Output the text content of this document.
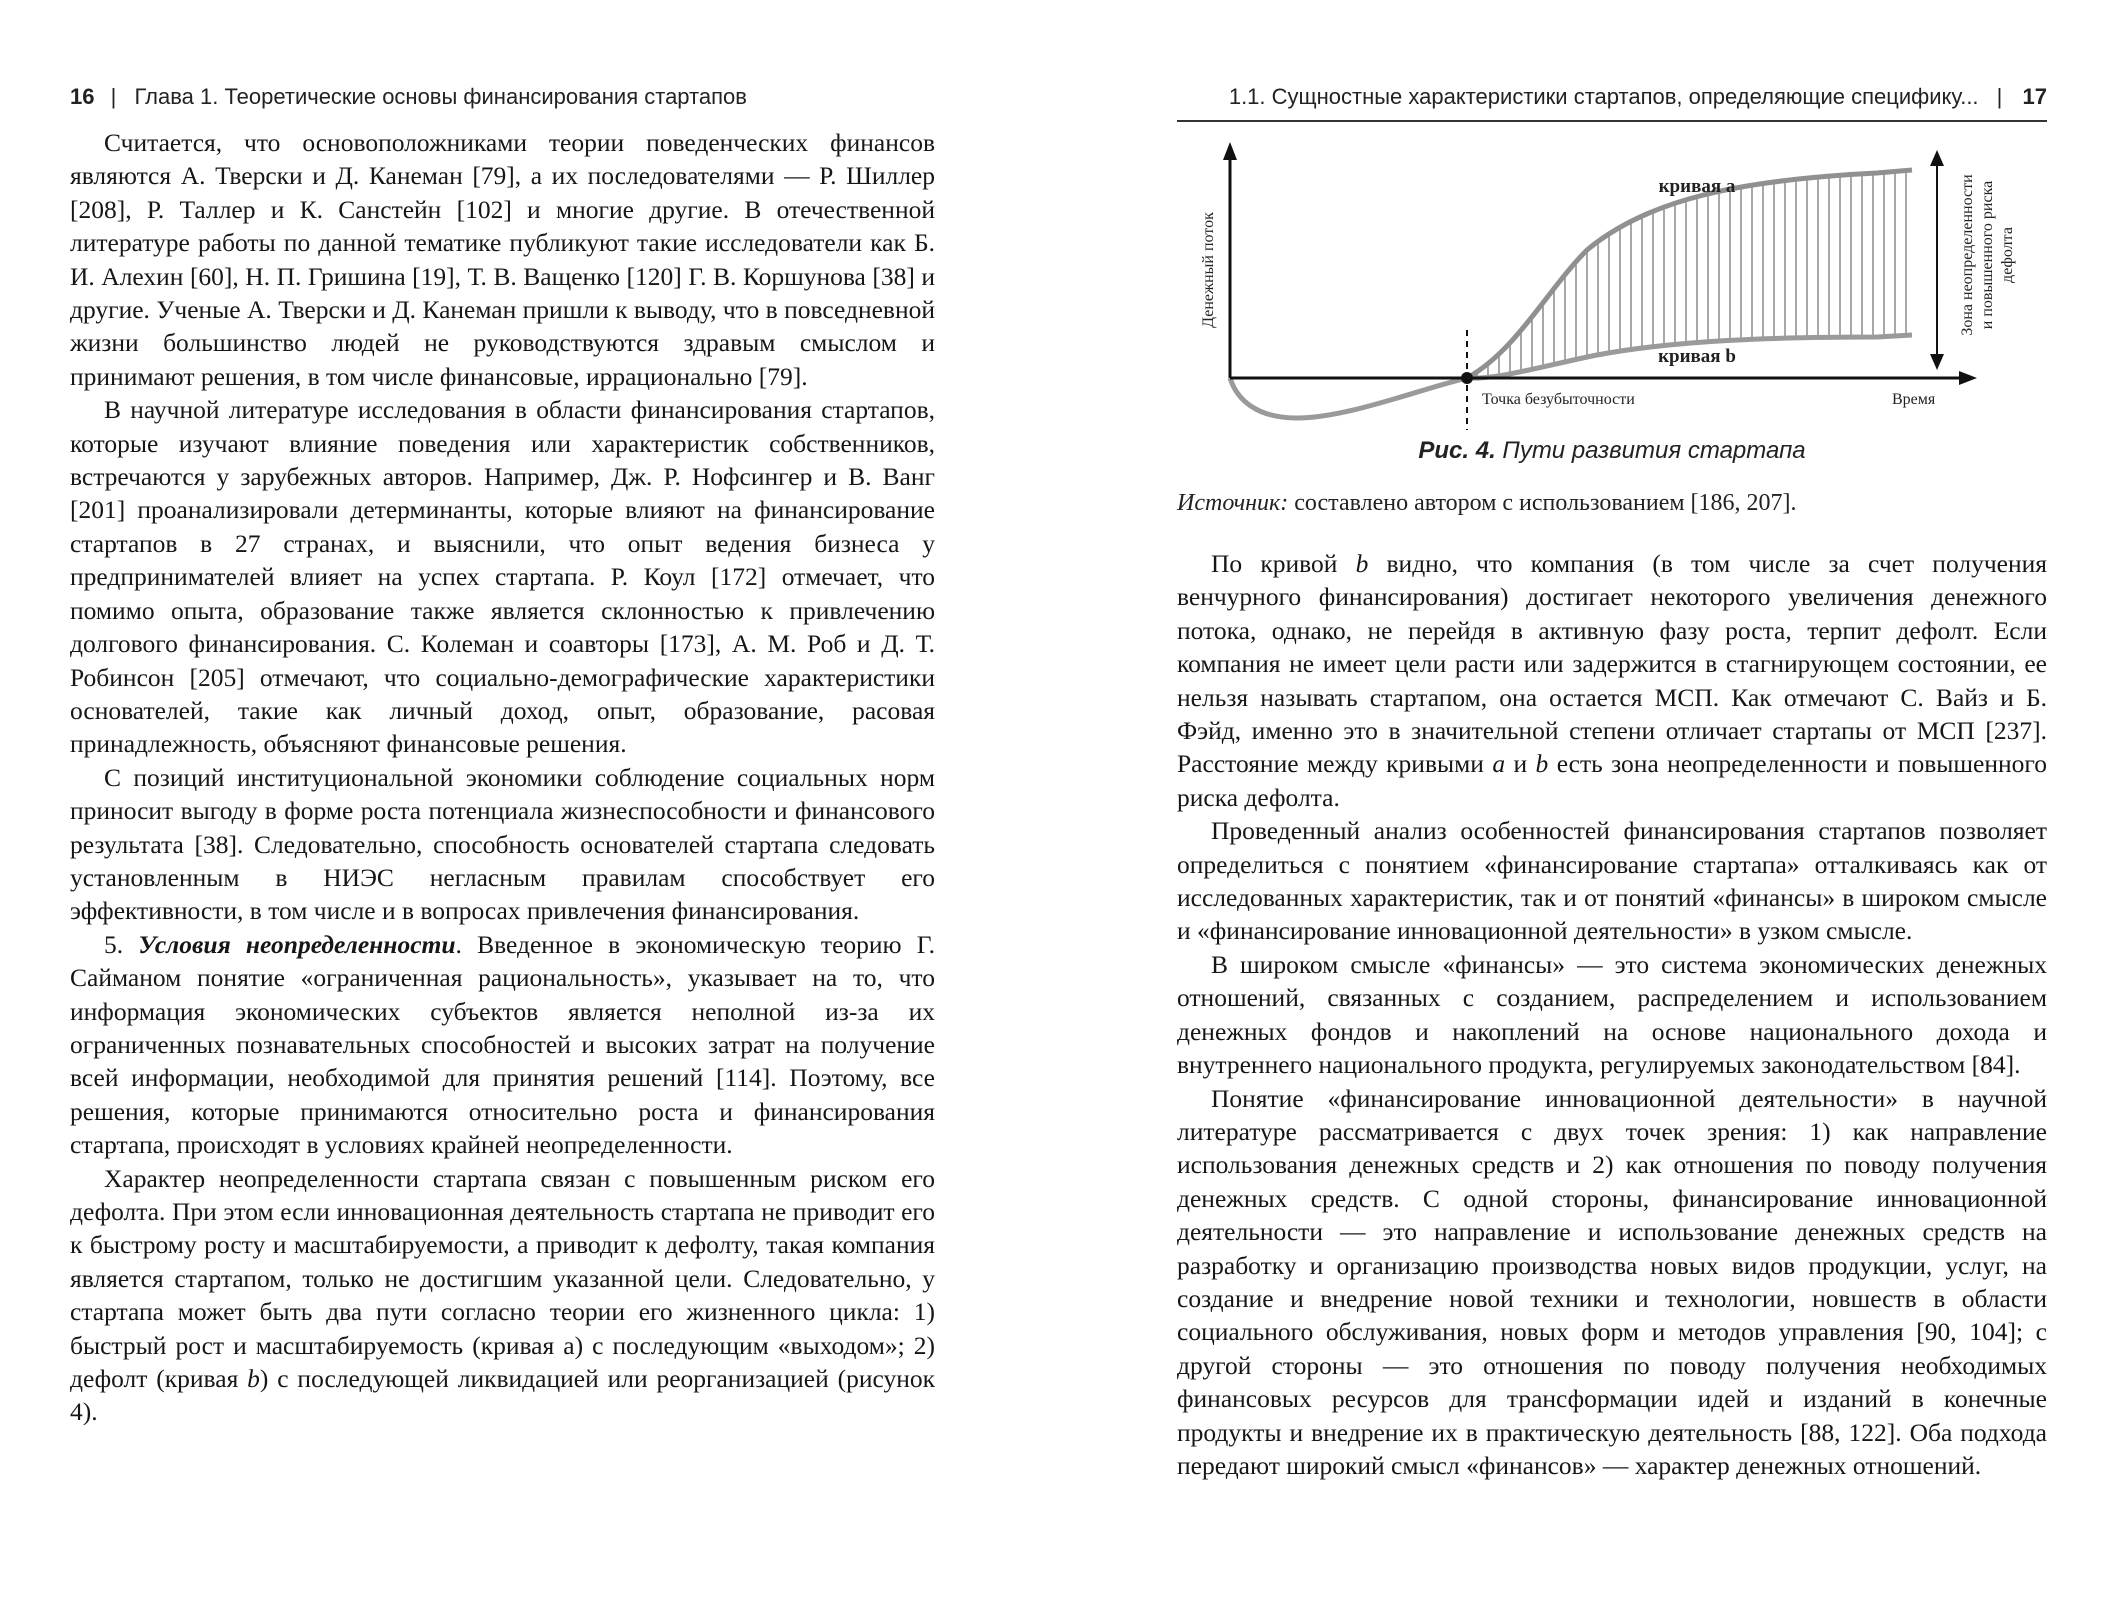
16 | Глава 1. Теоретические основы финансирования стартапов

Считается, что основоположниками теории поведенческих финансов являются А. Тверски и Д. Канеман [79], а их последователями — Р. Шиллер [208], Р. Таллер и К. Санстейн [102] и многие другие. В отечественной литературе работы по данной тематике публикуют такие исследователи как Б. И. Алехин [60], Н. П. Гришина [19], Т. В. Ващенко [120] Г. В. Коршунова [38] и другие. Ученые А. Тверски и Д. Канеман пришли к выводу, что в повседневной жизни большинство людей не руководствуются здравым смыслом и принимают решения, в том числе финансовые, иррационально [79].

В научной литературе исследования в области финансирования стартапов, которые изучают влияние поведения или характеристик собственников, встречаются у зарубежных авторов. Например, Дж. Р. Нофсингер и В. Ванг [201] проанализировали детерминанты, которые влияют на финансирование стартапов в 27 странах, и выяснили, что опыт ведения бизнеса у предпринимателей влияет на успех стартапа. Р. Коул [172] отмечает, что помимо опыта, образование также является склонностью к привлечению долгового финансирования. С. Колеман и соавторы [173], А. М. Роб и Д. Т. Робинсон [205] отмечают, что социально-демографические характеристики основателей, такие как личный доход, опыт, образование, расовая принадлежность, объясняют финансовые решения.

С позиций институциональной экономики соблюдение социальных норм приносит выгоду в форме роста потенциала жизнеспособности и финансового результата [38]. Следовательно, способность основателей стартапа следовать установленным в НИЭС негласным правилам способствует его эффективности, в том числе и в вопросах привлечения финансирования.

5. Условия неопределенности. Введенное в экономическую теорию Г. Сайманом понятие «ограниченная рациональность», указывает на то, что информация экономических субъектов является неполной из-за их ограниченных познавательных способностей и высоких затрат на получение всей информации, необходимой для принятия решений [114]. Поэтому, все решения, которые принимаются относительно роста и финансирования стартапа, происходят в условиях крайней неопределенности.

Характер неопределенности стартапа связан с повышенным риском его дефолта. При этом если инновационная деятельность стартапа не приводит его к быстрому росту и масштабируемости, а приводит к дефолту, такая компания является стартапом, только не достигшим указанной цели. Следовательно, у стартапа может быть два пути согласно теории его жизненного цикла: 1) быстрый рост и масштабируемость (кривая а) с последующим «выходом»; 2) дефолт (кривая b) с последующей ликвидацией или реорганизацией (рисунок 4).

1.1. Сущностные характеристики стартапов, определяющие специфику... | 17
Денежный поток
кривая а
кривая b
Точка безубыточности	Время
Зона неопределенности и повышенного риска дефолта
Рис. 4. Пути развития стартапа
Источник: составлено автором с использованием [186, 207].

По кривой b видно, что компания (в том числе за счет получения венчурного финансирования) достигает некоторого увеличения денежного потока, однако, не перейдя в активную фазу роста, терпит дефолт. Если компания не имеет цели расти или задержится в стагнирующем состоянии, ее нельзя называть стартапом, она остается МСП. Как отмечают С. Вайз и Б. Фэйд, именно это в значительной степени отличает стартапы от МСП [237]. Расстояние между кривыми a и b есть зона неопределенности и повышенного риска дефолта.

Проведенный анализ особенностей финансирования стартапов позволяет определиться с понятием «финансирование стартапа» отталкиваясь как от исследованных характеристик, так и от понятий «финансы» в широком смысле и «финансирование инновационной деятельности» в узком смысле.

В широком смысле «финансы» — это система экономических денежных отношений, связанных с созданием, распределением и использованием денежных фондов и накоплений на основе национального дохода и внутреннего национального продукта, регулируемых законодательством [84].

Понятие «финансирование инновационной деятельности» в научной литературе рассматривается с двух точек зрения: 1) как направление использования денежных средств и 2) как отношения по поводу получения денежных средств. С одной стороны, финансирование инновационной деятельности — это направление и использование денежных средств на разработку и организацию производства новых видов продукции, услуг, на создание и внедрение новой техники и технологии, новшеств в области социального обслуживания, новых форм и методов управления [90, 104]; с другой стороны — это отношения по поводу получения необходимых финансовых ресурсов для трансформации идей и изданий в конечные продукты и внедрение их в практическую деятельность [88, 122]. Оба подхода передают широкий смысл «финансов» — характер денежных отношений.
